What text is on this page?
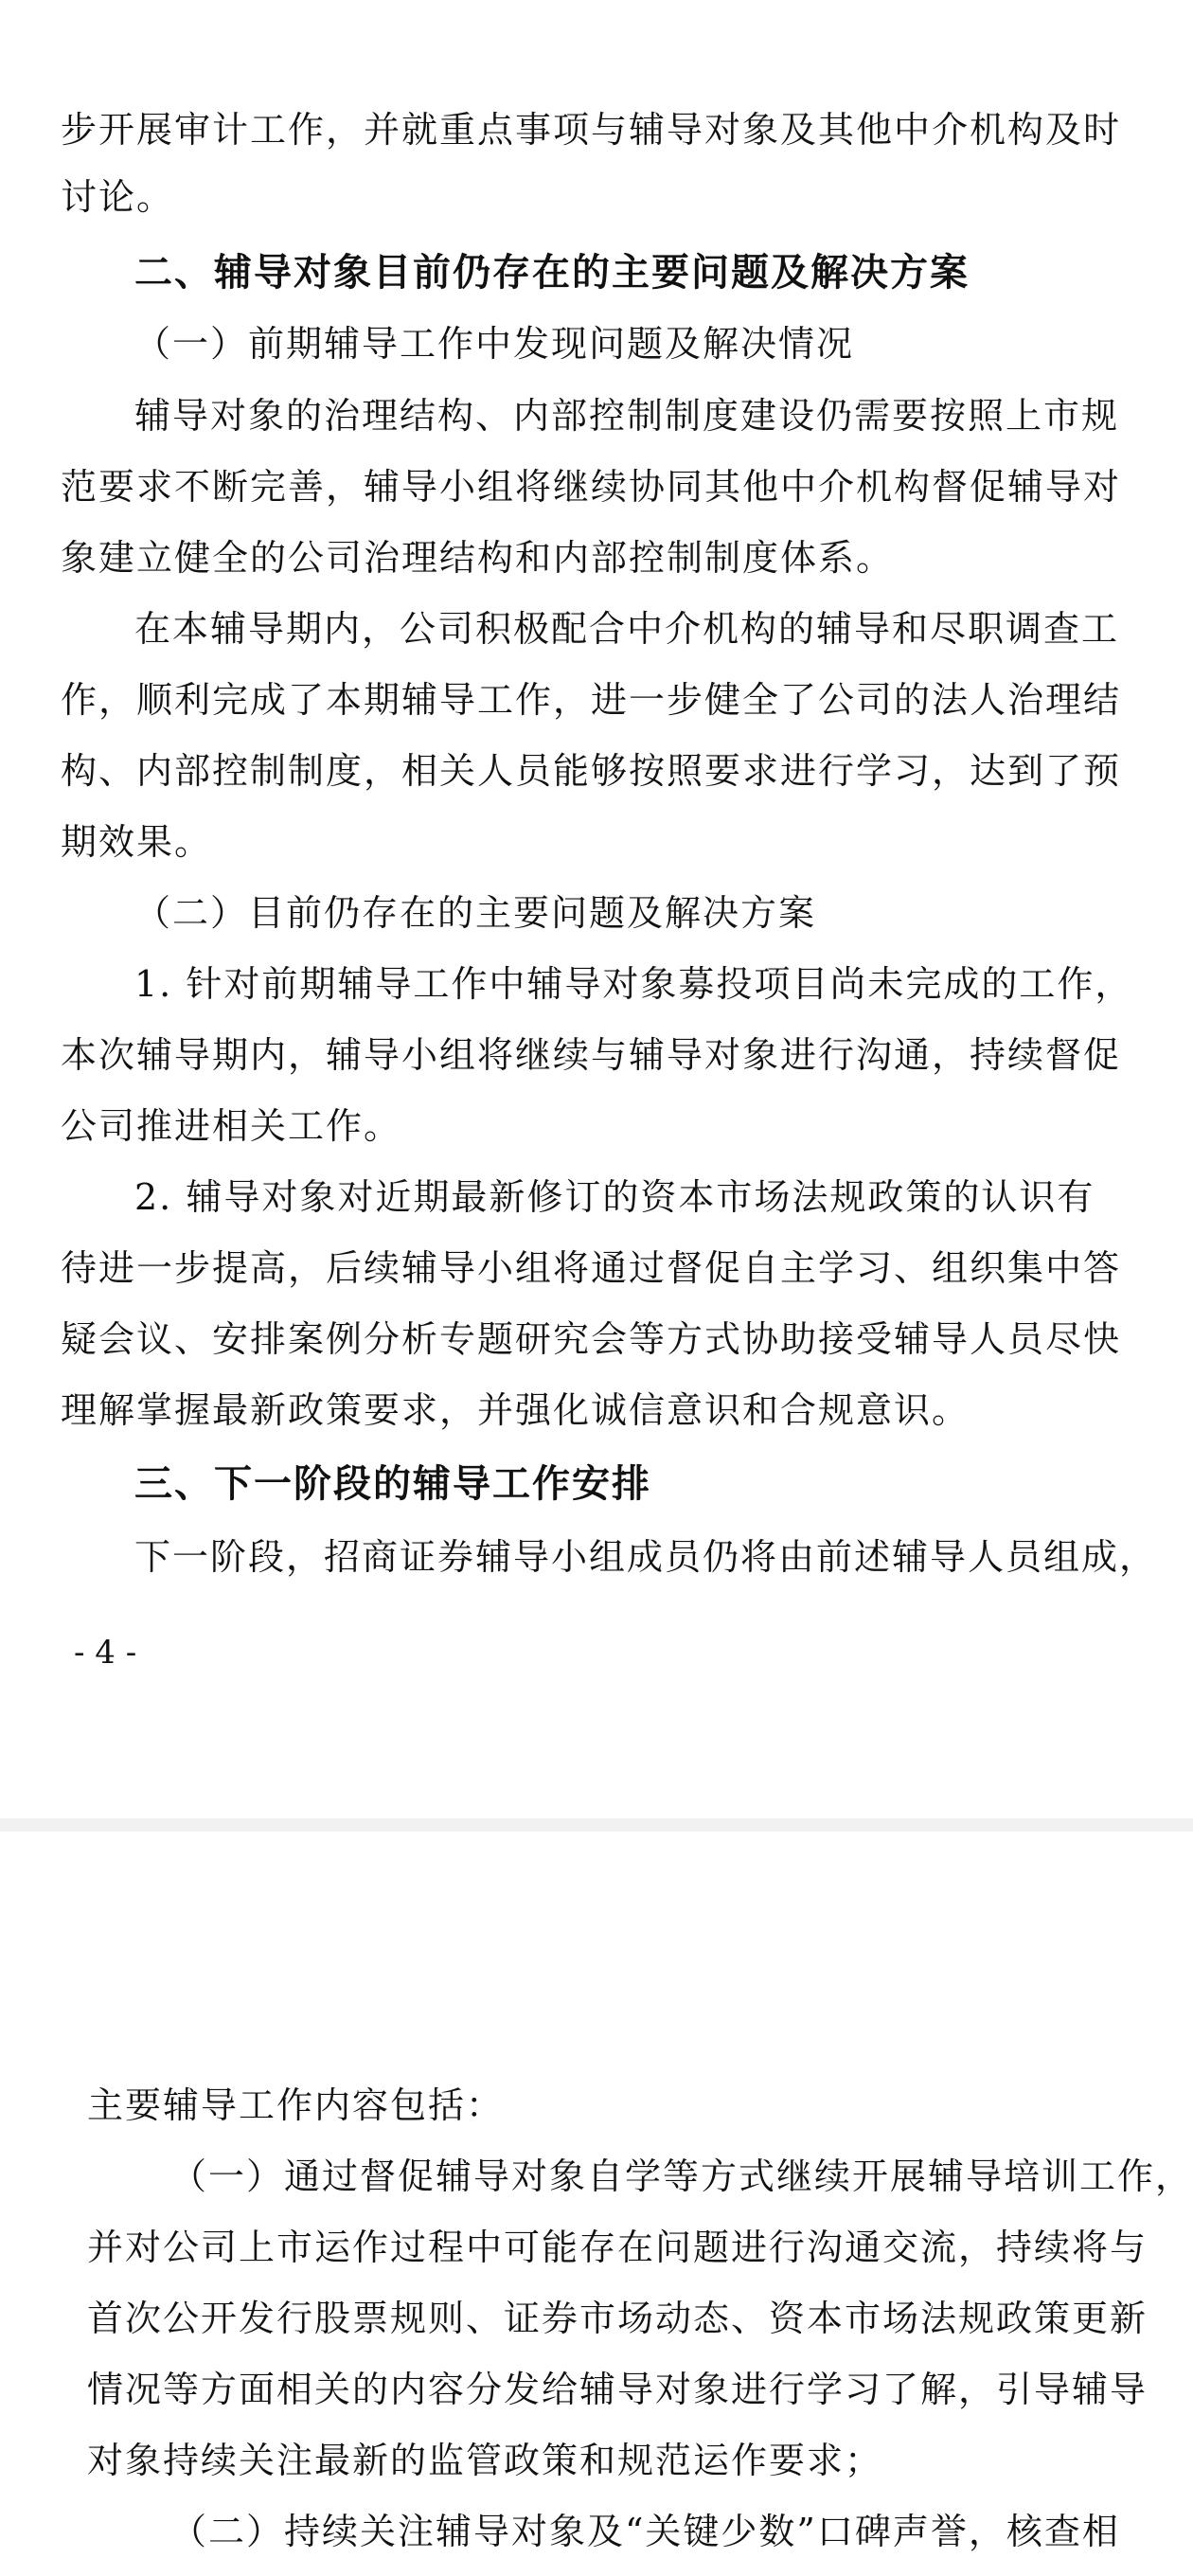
步开展审计工作，并就重点事项与辅导对象及其他中介机构及时
讨论。
二、辅导对象目前仍存在的主要问题及解决方案
（一）前期辅导工作中发现问题及解决情况
辅导对象的治理结构、内部控制制度建设仍需要按照上市规
范要求不断完善，辅导小组将继续协同其他中介机构督促辅导对
象建立健全的公司治理结构和内部控制制度体系。
在本辅导期内，公司积极配合中介机构的辅导和尽职调查工
作，顺利完成了本期辅导工作，进一步健全了公司的法人治理结
构、内部控制制度，相关人员能够按照要求进行学习，达到了预
期效果。
（二）目前仍存在的主要问题及解决方案
1. 针对前期辅导工作中辅导对象募投项目尚未完成的工作，
本次辅导期内，辅导小组将继续与辅导对象进行沟通，持续督促
公司推进相关工作。
2. 辅导对象对近期最新修订的资本市场法规政策的认识有
待进一步提高，后续辅导小组将通过督促自主学习、组织集中答
疑会议、安排案例分析专题研究会等方式协助接受辅导人员尽快
理解掌握最新政策要求，并强化诚信意识和合规意识。
三、下一阶段的辅导工作安排
下一阶段，招商证券辅导小组成员仍将由前述辅导人员组成，
- 4 -
主要辅导工作内容包括：
（一）通过督促辅导对象自学等方式继续开展辅导培训工作，
并对公司上市运作过程中可能存在问题进行沟通交流，持续将与
首次公开发行股票规则、证券市场动态、资本市场法规政策更新
情况等方面相关的内容分发给辅导对象进行学习了解，引导辅导
对象持续关注最新的监管政策和规范运作要求；
（二）持续关注辅导对象及“关键少数”口碑声誉，核查相
